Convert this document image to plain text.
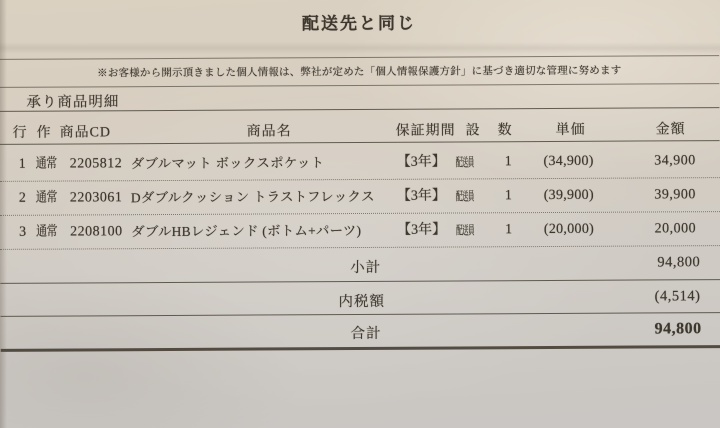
配送先と同じ
※お客様から開示頂きました個人情報は、弊社が定めた「個人情報保護方針」に基づき適切な管理に努めます
承り商品明細
行 作 商品CD	商品名	保証期間 設 数	単価	金額
1 通常 2205812 ダブルマット ボックスポケット	【3年】 配送員	1	(34,900)	34,900
2 通常 2203061 Dダブルクッション トラストフレックス 【3年】 配送員	1	(39,900)	39,900
3 通常 2208100 ダブルHBレジェンド (ボトム+パーツ)	【3年】 配送員	1	(20,000)	20,000
小計	94,800
内税額	(4,514)
合計	94,800
